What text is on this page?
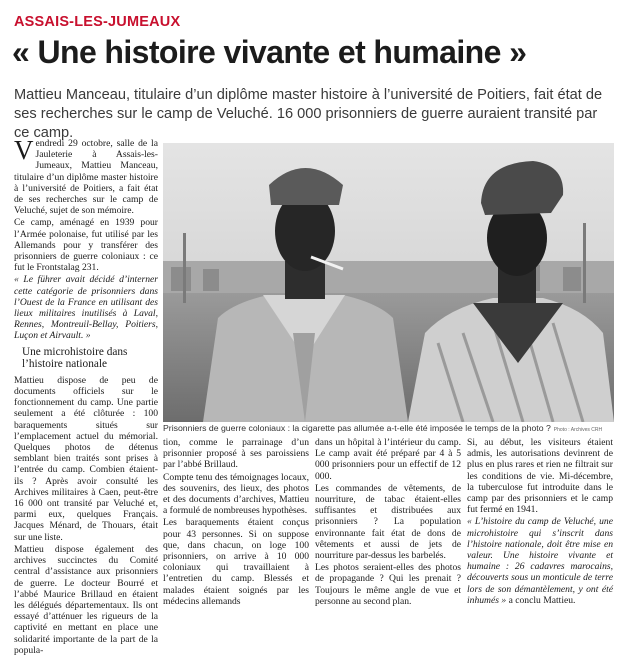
ASSAIS-LES-JUMEAUX
« Une histoire vivante et humaine »
Mattieu Manceau, titulaire d’un diplôme master histoire à l’université de Poitiers, fait état de ses recherches sur le camp de Veluché. 16 000 prisonniers de guerre auraient transité par ce camp.

Vendredi 29 octobre, salle de la Jauleterie à Assais-les-Jumeaux, Mattieu Manceau, titulaire d’un diplôme master histoire à l’université de Poitiers, a fait état de ses recherches sur le camp de Veluché, sujet de son mémoire.

Ce camp, aménagé en 1939 pour l’Armée polonaise, fut utilisé par les Allemands pour y transférer des prisonniers de guerre coloniaux : ce fut le Frontstalag 231.

« Le führer avait décidé d’interner cette catégorie de prisonniers dans l’Ouest de la France en utilisant des lieux militaires inutilisés à Laval, Rennes, Montreuil-Bellay, Poitiers, Luçon et Airvault. »

Une microhistoire dans l’histoire nationale

Mattieu dispose de peu de documents officiels sur le fonctionnement du camp. Une partie seulement a été clôturée : 100 baraquements situés sur l’emplacement actuel du mémorial. Quelques photos de détenus semblant bien traités sont prises à l’entrée du camp. Combien étaient-ils ? Après avoir consulté les Archives militaires à Caen, peut-être 16 000 ont transité par Veluché et, parmi eux, quelques Français. Jacques Ménard, de Thouars, était sur une liste.

Mattieu dispose également des archives succinctes du Comité central d’assistance aux prisonniers de guerre. Le docteur Bourré et l’abbé Maurice Brillaud en étaient les délégués départementaux. Ils ont essayé d’atténuer les rigueurs de la captivité en mettant en place une solidarité importante de la part de la popula-

Prisonniers de guerre coloniaux : la cigarette pas allumée a-t-elle été imposée le temps de la photo ? Photo : Archives CRH

tion, comme le parrainage d’un prisonnier proposé à ses paroissiens par l’abbé Brillaud.

Compte tenu des témoignages locaux, des souvenirs, des lieux, des photos et des documents d’archives, Mattieu a formulé de nombreuses hypothèses.

Les baraquements étaient conçus pour 43 personnes. Si on suppose que, dans chacun, on loge 100 prisonniers, on arrive à 10 000 coloniaux qui travaillaient à l’entretien du camp. Blessés et malades étaient soignés par les médecins allemands

dans un hôpital à l’intérieur du camp. Le camp avait été préparé par 4 à 5 000 prisonniers pour un effectif de 12 000.

Les commandes de vêtements, de nourriture, de tabac étaient-elles suffisantes et distribuées aux prisonniers ? La population environnante fait état de dons de vêtements et aussi de jets de nourriture par-dessus les barbelés.

Les photos seraient-elles des photos de propagande ? Qui les prenait ? Toujours le même angle de vue et personne au second plan.

Si, au début, les visiteurs étaient admis, les autorisations devinrent de plus en plus rares et rien ne filtrait sur les conditions de vie. Mi-décembre, la tuberculose fut introduite dans le camp par des prisonniers et le camp fut fermé en 1941.

« L’histoire du camp de Veluché, une microhistoire qui s’inscrit dans l’histoire nationale, doit être mise en valeur. Une histoire vivante et humaine : 26 cadavres marocains, découverts sous un monticule de terre lors de son démantèlement, y ont été inhumés » a conclu Mattieu.
